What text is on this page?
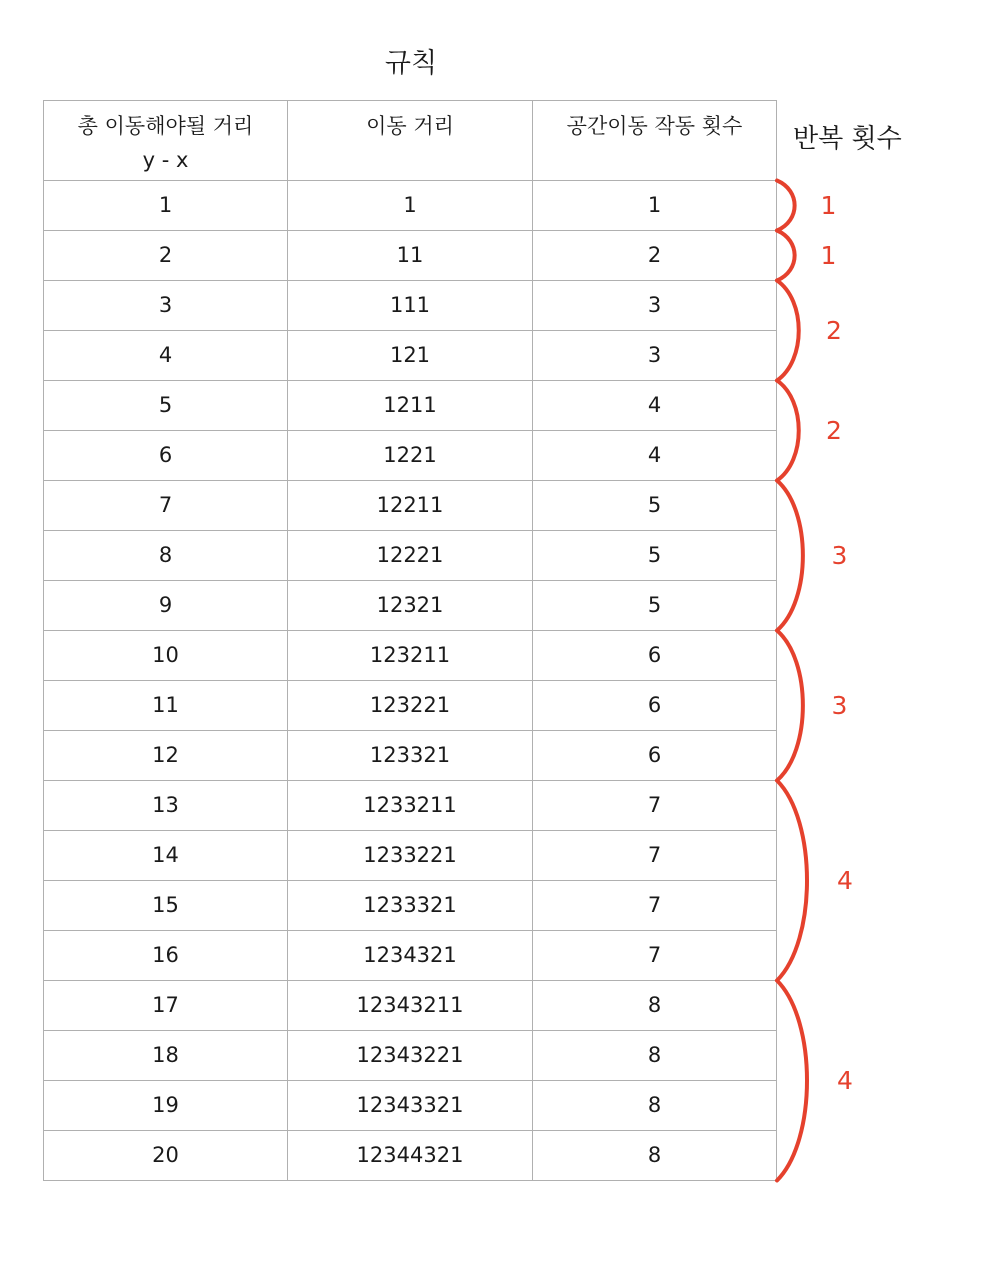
규칙
총 이동해야될 거리
y - x	이동 거리	공간이동 작동 횟수

1	1	1
2	11	2
3	111	3
4	121	3
5	1211	4
6	1221	4
7	12211	5
8	12221	5
9	12321	5
10	123211	6
11	123221	6
12	123321	6
13	1233211	7
14	1233221	7
15	1233321	7
16	1234321	7
17	12343211	8
18	12343221	8
19	12343321	8
20	12344321	8
반복 횟수
1
1
2
2
3
3
4
4
